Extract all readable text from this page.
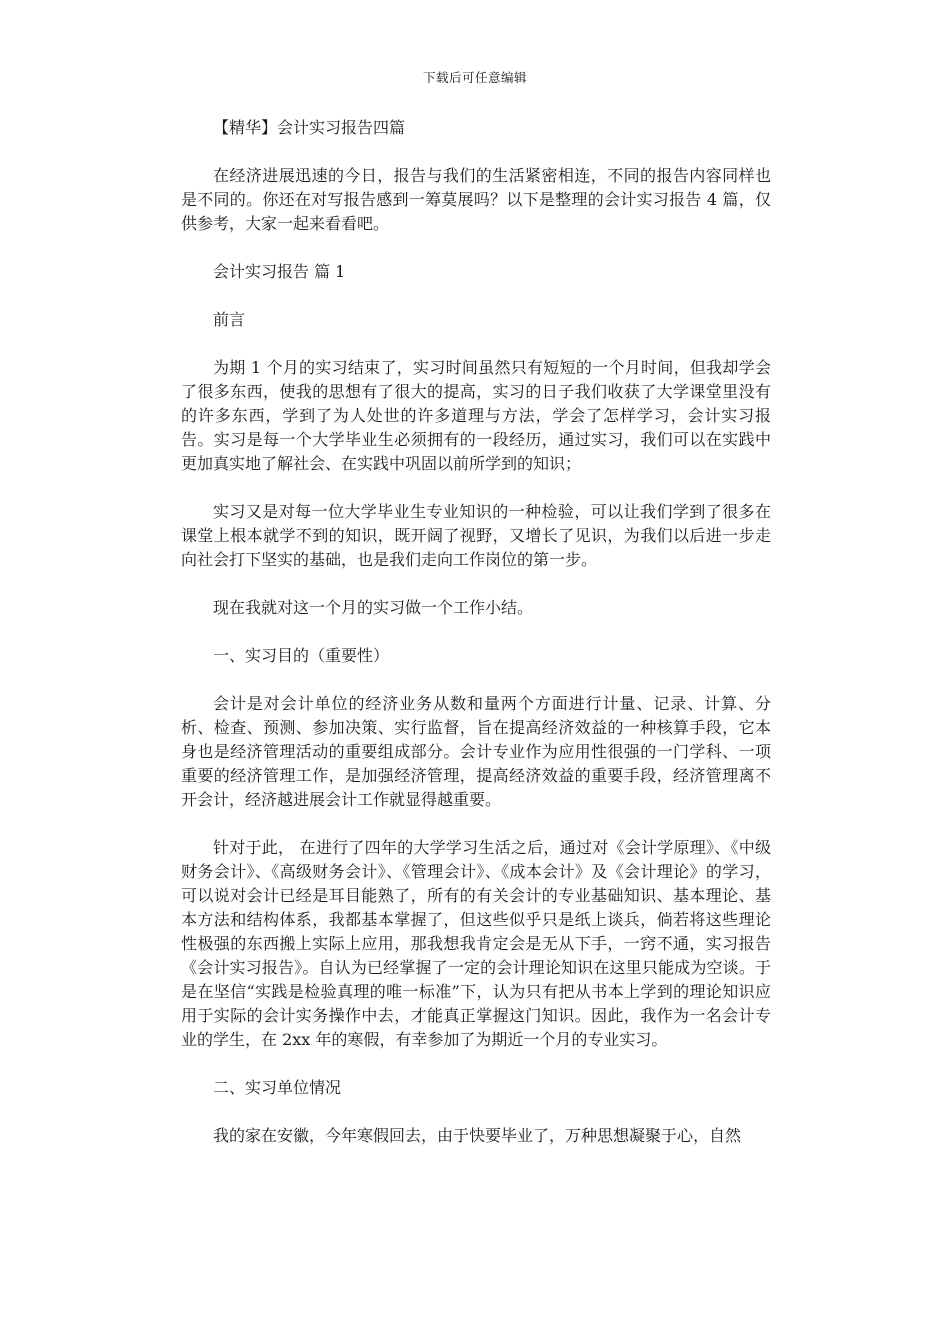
下载后可任意编辑
【精华】会计实习报告四篇

在经济进展迅速的今日，报告与我们的生活紧密相连，不同的报告内容同样也是不同的。你还在对写报告感到一筹莫展吗？以下是整理的会计实习报告 4 篇，仅供参考，大家一起来看看吧。

会计实习报告 篇 1

前言

为期 1 个月的实习结束了，实习时间虽然只有短短的一个月时间，但我却学会了很多东西，使我的思想有了很大的提高，实习的日子我们收获了大学课堂里没有的许多东西，学到了为人处世的许多道理与方法，学会了怎样学习，会计实习报告。实习是每一个大学毕业生必须拥有的一段经历，通过实习，我们可以在实践中更加真实地了解社会、在实践中巩固以前所学到的知识；

实习又是对每一位大学毕业生专业知识的一种检验，可以让我们学到了很多在课堂上根本就学不到的知识，既开阔了视野，又增长了见识，为我们以后进一步走向社会打下坚实的基础，也是我们走向工作岗位的第一步。

现在我就对这一个月的实习做一个工作小结。

一、实习目的（重要性）

会计是对会计单位的经济业务从数和量两个方面进行计量、记录、计算、分析、检查、预测、参加决策、实行监督，旨在提高经济效益的一种核算手段，它本身也是经济管理活动的重要组成部分。会计专业作为应用性很强的一门学科、一项重要的经济管理工作，是加强经济管理，提高经济效益的重要手段，经济管理离不开会计，经济越进展会计工作就显得越重要。

针对于此， 在进行了四年的大学学习生活之后，通过对《会计学原理》、《中级财务会计》、《高级财务会计》、《管理会计》、《成本会计》及《会计理论》的学习，可以说对会计已经是耳目能熟了，所有的有关会计的专业基础知识、基本理论、基本方法和结构体系，我都基本掌握了，但这些似乎只是纸上谈兵，倘若将这些理论性极强的东西搬上实际上应用，那我想我肯定会是无从下手，一窍不通，实习报告《会计实习报告》。自认为已经掌握了一定的会计理论知识在这里只能成为空谈。于是在坚信“实践是检验真理的唯一标准”下，认为只有把从书本上学到的理论知识应用于实际的会计实务操作中去，才能真正掌握这门知识。因此，我作为一名会计专业的学生，在 2xx 年的寒假，有幸参加了为期近一个月的专业实习。

二、实习单位情况

我的家在安徽，今年寒假回去，由于快要毕业了，万种思想凝聚于心，自然
